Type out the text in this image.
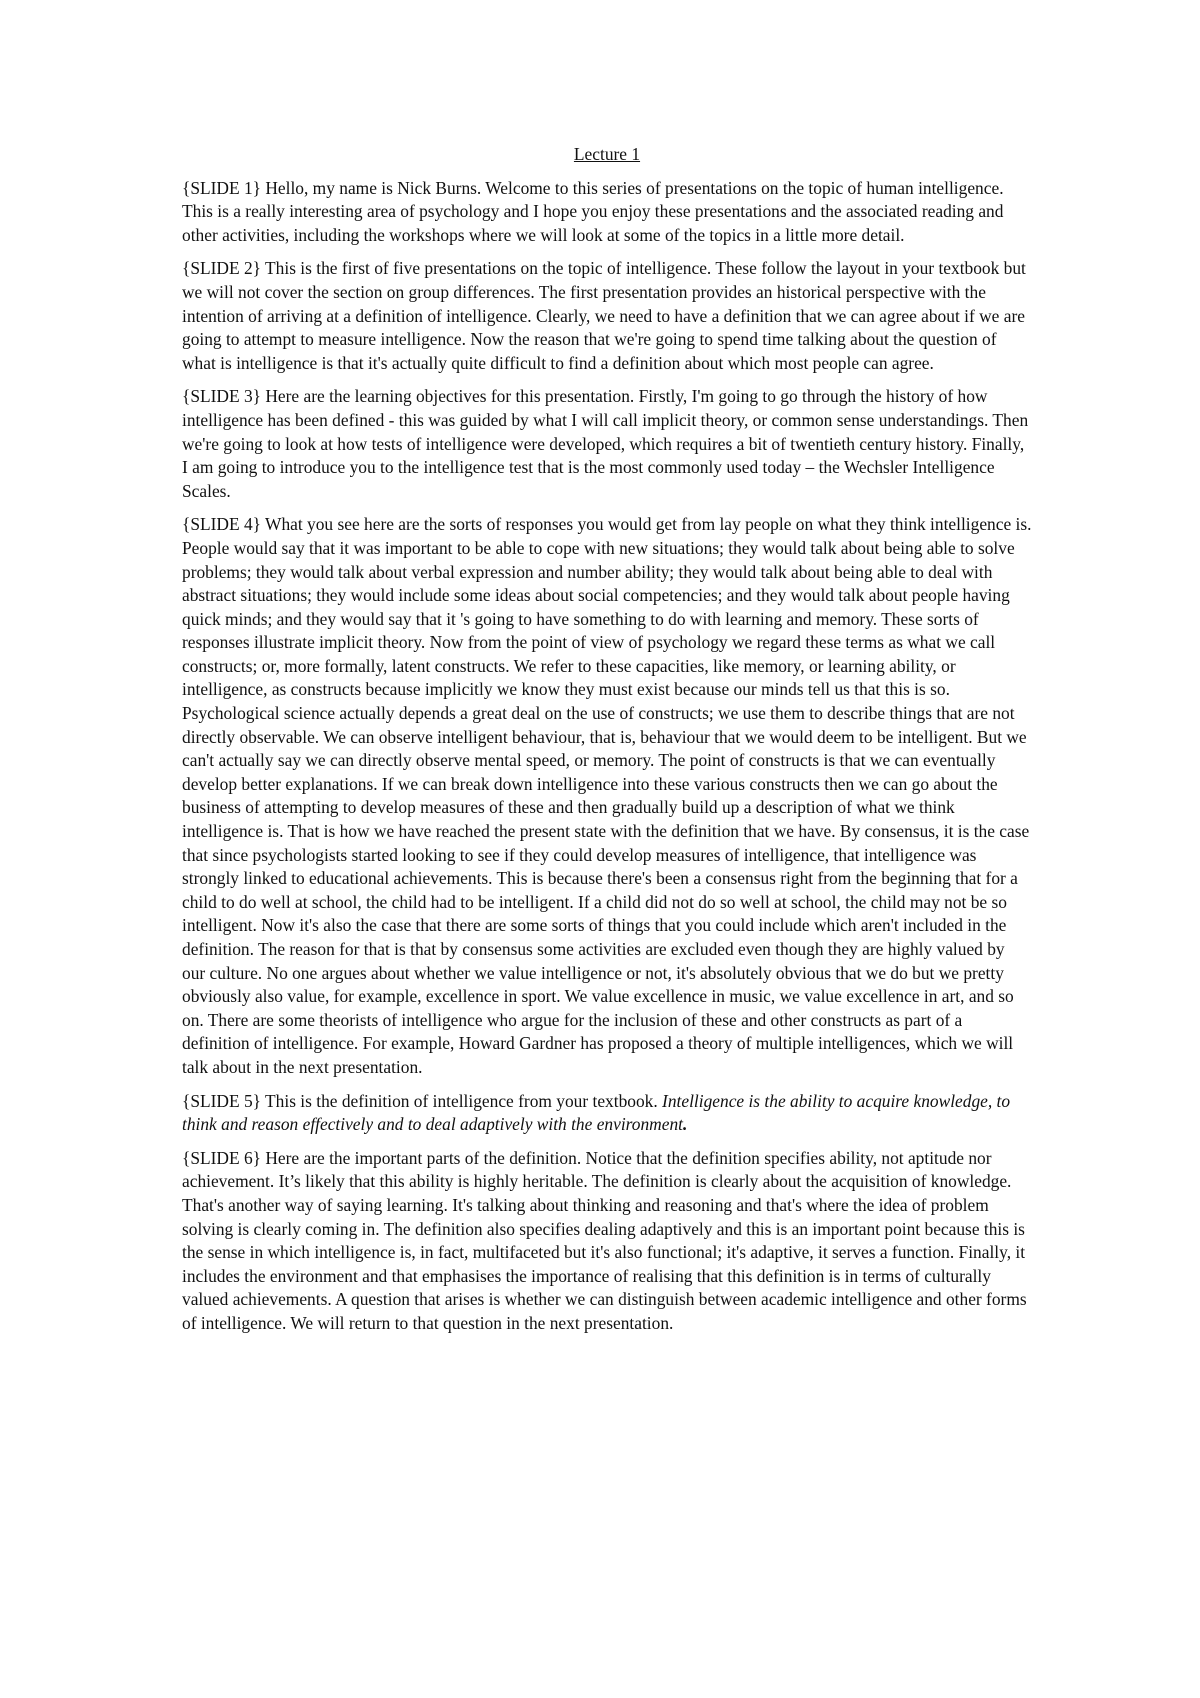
Lecture 1

{SLIDE 1} Hello, my name is Nick Burns. Welcome to this series of presentations on the topic of human intelligence. This is a really interesting area of psychology and I hope you enjoy these presentations and the associated reading and other activities, including the workshops where we will look at some of the topics in a little more detail.

{SLIDE 2} This is the first of five presentations on the topic of intelligence. These follow the layout in your textbook but we will not cover the section on group differences. The first presentation provides an historical perspective with the intention of arriving at a definition of intelligence. Clearly, we need to have a definition that we can agree about if we are going to attempt to measure intelligence. Now the reason that we're going to spend time talking about the question of what is intelligence is that it's actually quite difficult to find a definition about which most people can agree.

{SLIDE 3} Here are the learning objectives for this presentation. Firstly, I'm going to go through the history of how intelligence has been defined - this was guided by what I will call implicit theory, or common sense understandings. Then we're going to look at how tests of intelligence were developed, which requires a bit of twentieth century history. Finally, I am going to introduce you to the intelligence test that is the most commonly used today – the Wechsler Intelligence Scales.

{SLIDE 4} What you see here are the sorts of responses you would get from lay people on what they think intelligence is. People would say that it was important to be able to cope with new situations; they would talk about being able to solve problems; they would talk about verbal expression and number ability; they would talk about being able to deal with abstract situations; they would include some ideas about social competencies; and they would talk about people having quick minds; and they would say that it 's going to have something to do with learning and memory. These sorts of responses illustrate implicit theory. Now from the point of view of psychology we regard these terms as what we call constructs; or, more formally, latent constructs. We refer to these capacities, like memory, or learning ability, or intelligence, as constructs because implicitly we know they must exist because our minds tell us that this is so. Psychological science actually depends a great deal on the use of constructs; we use them to describe things that are not directly observable. We can observe intelligent behaviour, that is, behaviour that we would deem to be intelligent. But we can't actually say we can directly observe mental speed, or memory. The point of constructs is that we can eventually develop better explanations. If we can break down intelligence into these various constructs then we can go about the business of attempting to develop measures of these and then gradually build up a description of what we think intelligence is. That is how we have reached the present state with the definition that we have. By consensus, it is the case that since psychologists started looking to see if they could develop measures of intelligence, that intelligence was strongly linked to educational achievements. This is because there's been a consensus right from the beginning that for a child to do well at school, the child had to be intelligent. If a child did not do so well at school, the child may not be so intelligent. Now it's also the case that there are some sorts of things that you could include which aren't included in the definition. The reason for that is that by consensus some activities are excluded even though they are highly valued by our culture. No one argues about whether we value intelligence or not, it's absolutely obvious that we do but we pretty obviously also value, for example, excellence in sport. We value excellence in music, we value excellence in art, and so on. There are some theorists of intelligence who argue for the inclusion of these and other constructs as part of a definition of intelligence. For example, Howard Gardner has proposed a theory of multiple intelligences, which we will talk about in the next presentation.

{SLIDE 5} This is the definition of intelligence from your textbook. Intelligence is the ability to acquire knowledge, to think and reason effectively and to deal adaptively with the environment.

{SLIDE 6} Here are the important parts of the definition. Notice that the definition specifies ability, not aptitude nor achievement. It’s likely that this ability is highly heritable. The definition is clearly about the acquisition of knowledge. That's another way of saying learning. It's talking about thinking and reasoning and that's where the idea of problem solving is clearly coming in. The definition also specifies dealing adaptively and this is an important point because this is the sense in which intelligence is, in fact, multifaceted but it's also functional; it's adaptive, it serves a function. Finally, it includes the environment and that emphasises the importance of realising that this definition is in terms of culturally valued achievements. A question that arises is whether we can distinguish between academic intelligence and other forms of intelligence. We will return to that question in the next presentation.
